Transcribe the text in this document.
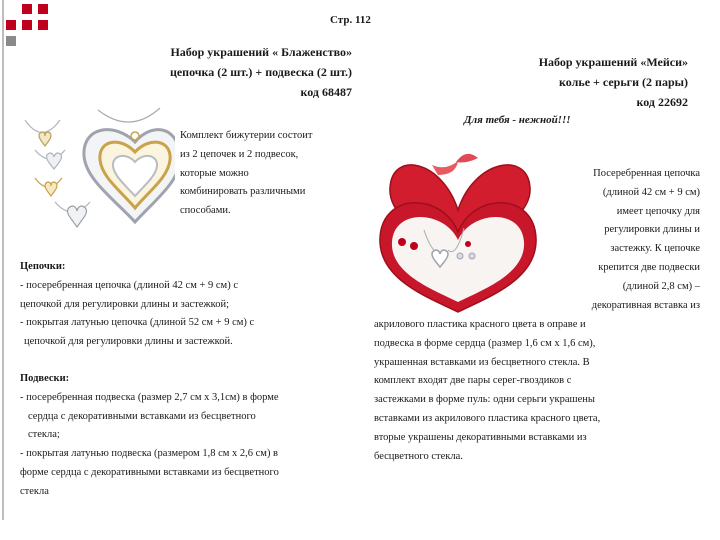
Стр. 112
Набор украшений « Блаженство»
цепочка (2 шт.) + подвеска (2 шт.)
код 68487

Комплект бижутерии состоит

из 2 цепочек и 2 подвесок,

которые можно

комбинировать различными

способами.

Цепочки:

- посеребренная цепочка (длиной 42 см + 9 см) с

цепочкой для регулировки длины и застежкой;

- покрытая латунью цепочка (длиной 52 см + 9 см) с

цепочкой для регулировки длины и застежкой.

Подвески:

- посеребренная подвеска (размер 2,7 см х 3,1см) в форме

сердца с декоративными вставками из бесцветного

стекла;

- покрытая латунью подвеска (размером 1,8 см х 2,6 см) в

форме сердца с декоративными вставками из бесцветного

стекла

Набор украшений «Мейси»
колье + серьги (2 пары)
код 22692
Для тебя - нежной!!!

Посеребренная цепочка

(длиной 42 см + 9 см)

имеет цепочку для

регулировки длины и

застежку. К цепочке

крепится две подвески

(длиной 2,8 см) –

декоративная вставка из

акрилового пластика красного цвета в оправе и

подвеска в форме сердца (размер 1,6 см х 1,6 см),

украшенная вставками из бесцветного стекла. В

комплект входят две пары серег-гвоздиков с

застежками в форме пуль: одни серьги украшены

вставками из акрилового пластика красного цвета,

вторые украшены декоративными вставками из

бесцветного стекла.
